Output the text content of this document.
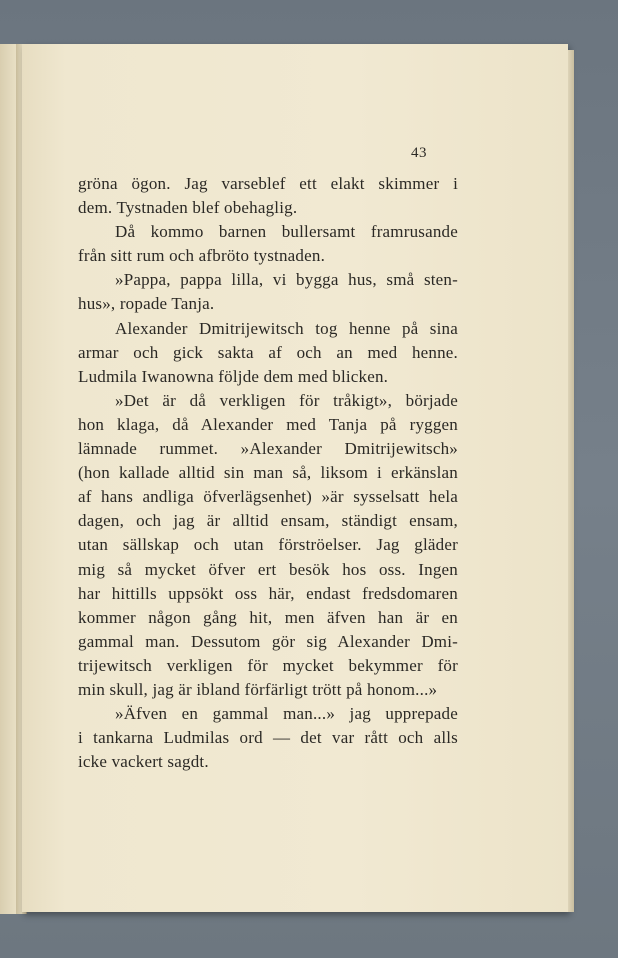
43
gröna ögon. Jag varseblef ett elakt skimmer i
dem. Tystnaden blef obehaglig.
Då kommo barnen bullersamt framrusande
från sitt rum och afbröto tystnaden.
»Pappa, pappa lilla, vi bygga hus, små sten-
hus», ropade Tanja.
Alexander Dmitrijewitsch tog henne på sina
armar och gick sakta af och an med henne.
Ludmila Iwanowna följde dem med blicken.
»Det är då verkligen för tråkigt», började
hon klaga, då Alexander med Tanja på ryggen
lämnade rummet. »Alexander Dmitrijewitsch»
(hon kallade alltid sin man så, liksom i erkänslan
af hans andliga öfverlägsenhet) »är sysselsatt hela
dagen, och jag är alltid ensam, ständigt ensam,
utan sällskap och utan förströelser. Jag gläder
mig så mycket öfver ert besök hos oss. Ingen
har hittills uppsökt oss här, endast fredsdomaren
kommer någon gång hit, men äfven han är en
gammal man. Dessutom gör sig Alexander Dmi-
trijewitsch verkligen för mycket bekymmer för
min skull, jag är ibland förfärligt trött på honom...»
»Äfven en gammal man...» jag upprepade
i tankarna Ludmilas ord — det var rått och alls
icke vackert sagdt.
